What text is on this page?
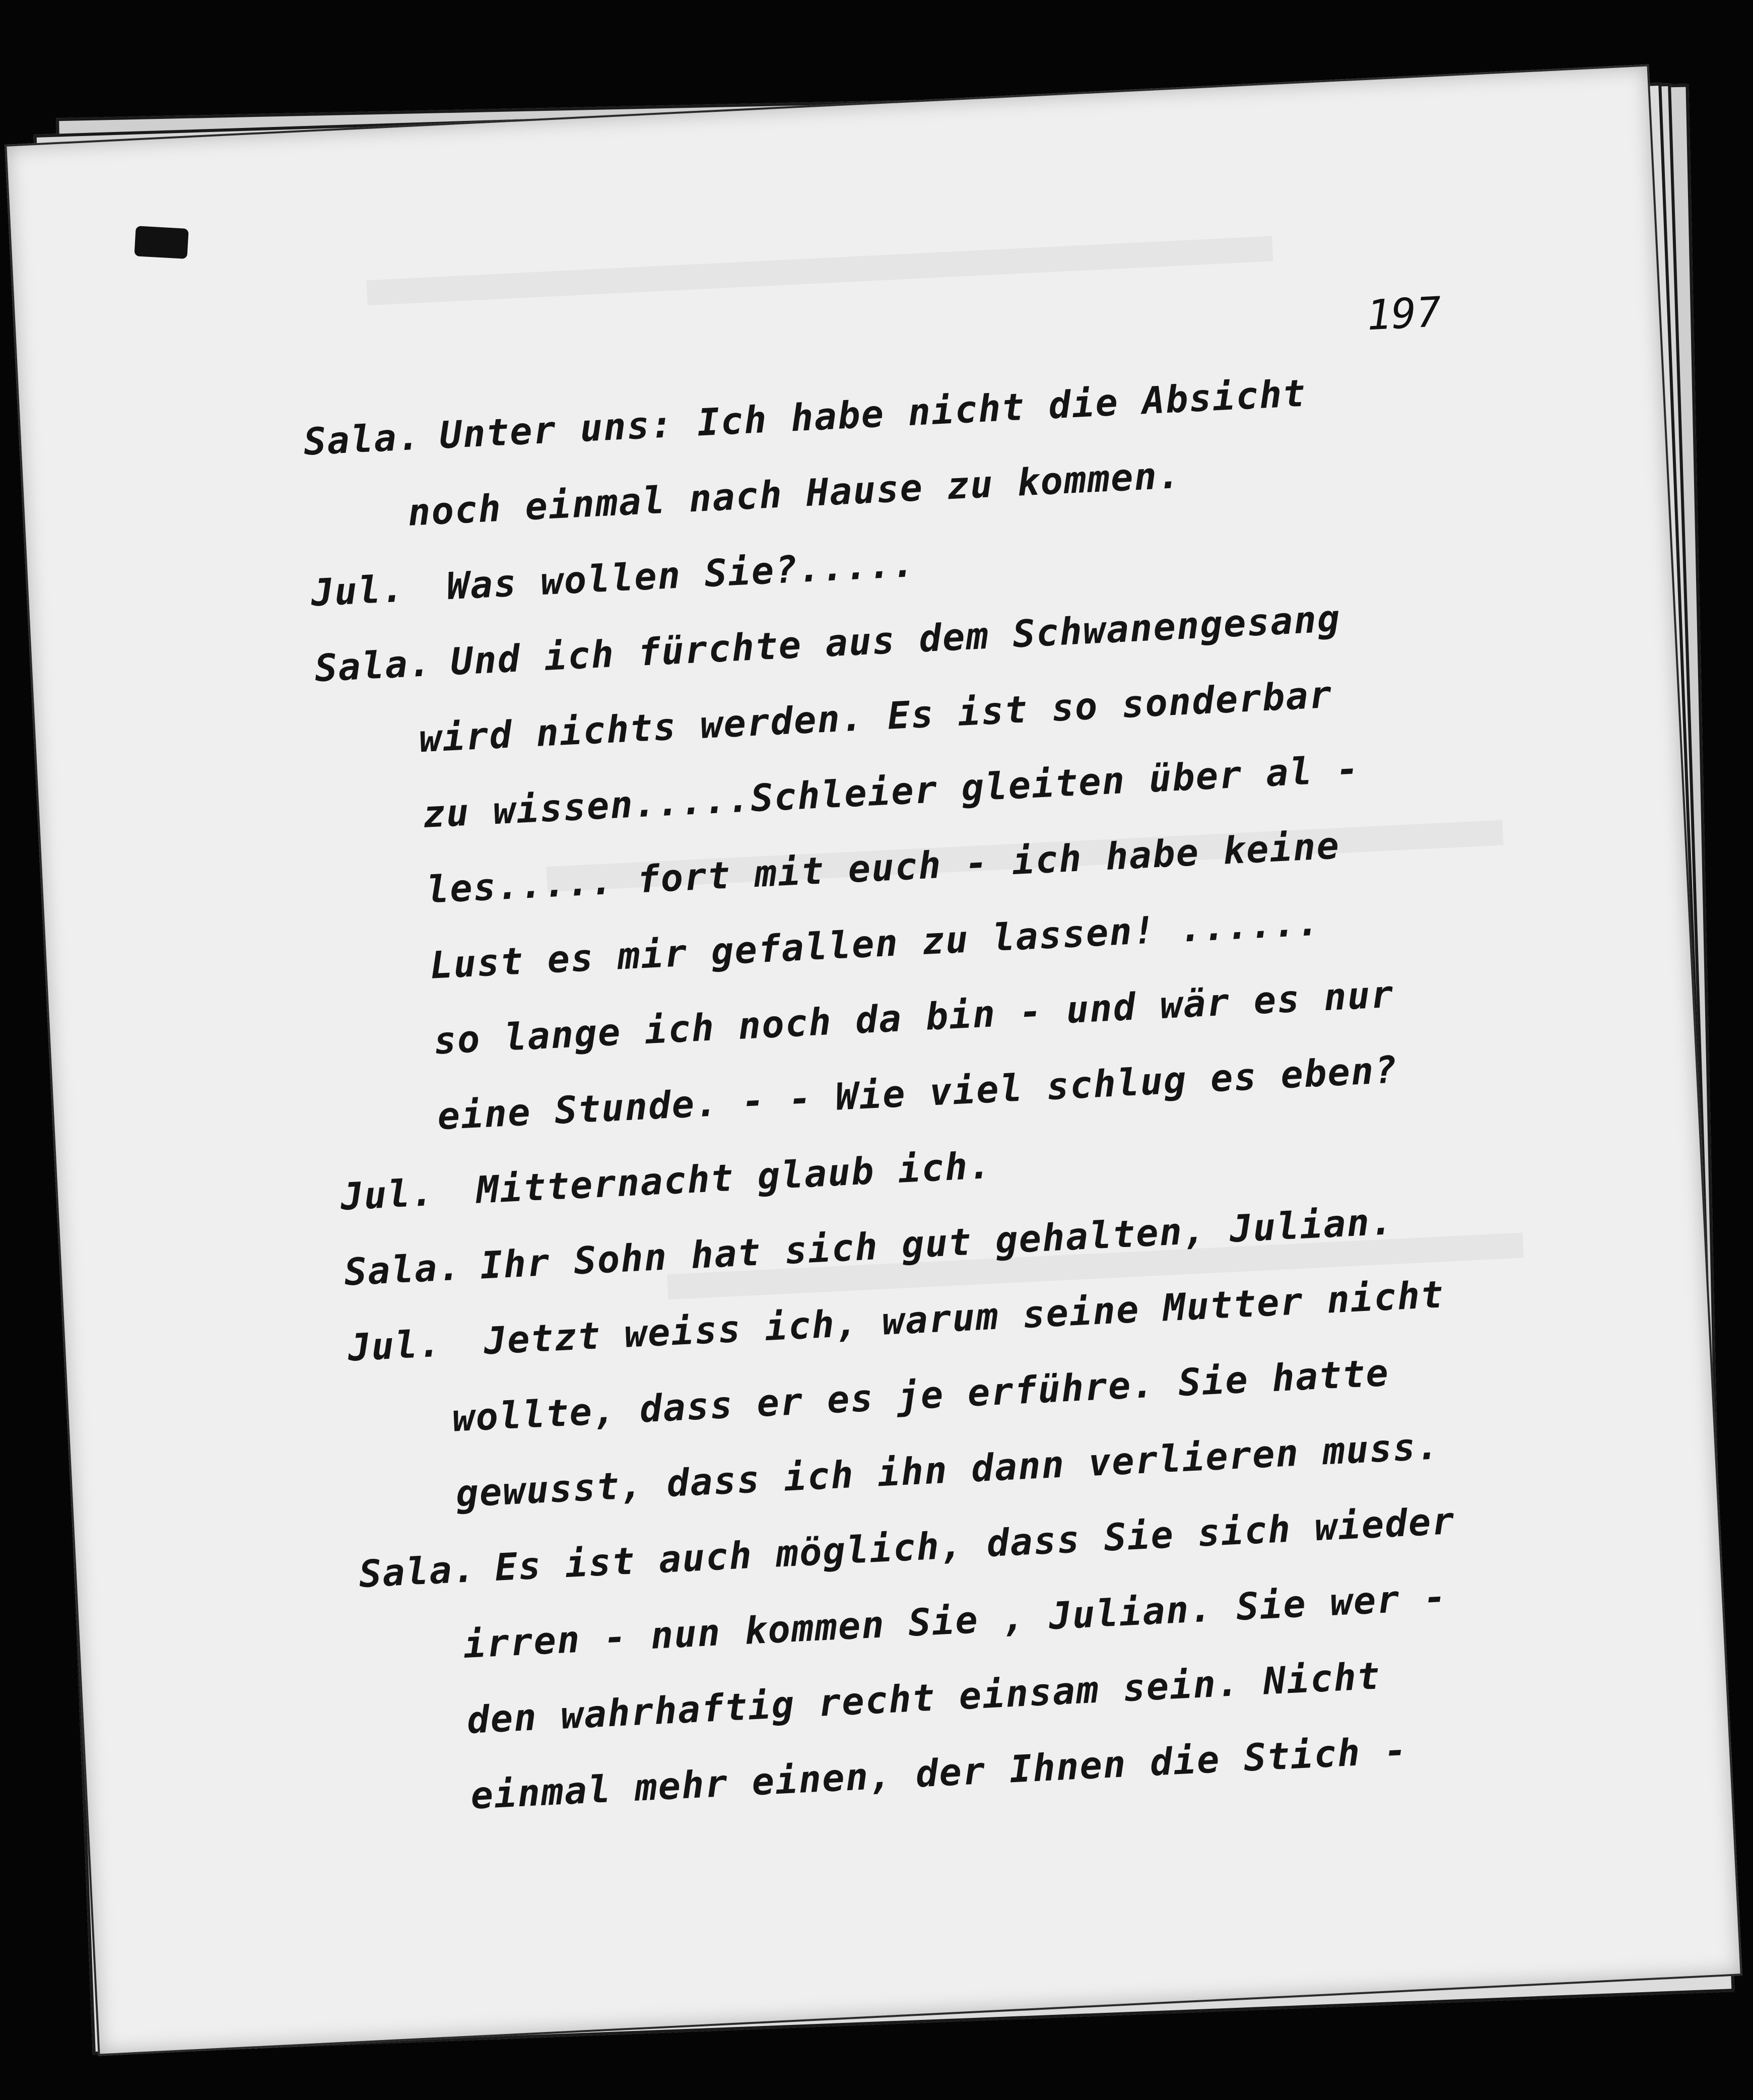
197
Sala. Unter uns: Ich habe nicht die Absicht
noch einmal nach Hause zu kommen.
Jul. Was wollen Sie?.....
Sala. Und ich fürchte aus dem Schwanengesang
wird nichts werden. Es ist so sonderbar
zu wissen.....Schleier gleiten über al -
les..... fort mit euch - ich habe keine
Lust es mir gefallen zu lassen! ......
so lange ich noch da bin - und wär es nur
eine Stunde. - - Wie viel schlug es eben?
Jul. Mitternacht glaub ich.
Sala. Ihr Sohn hat sich gut gehalten, Julian.
Jul. Jetzt weiss ich, warum seine Mutter nicht
wollte, dass er es je erführe. Sie hatte
gewusst, dass ich ihn dann verlieren muss.
Sala. Es ist auch möglich, dass Sie sich wieder
irren - nun kommen Sie , Julian. Sie wer -
den wahrhaftig recht einsam sein. Nicht
einmal mehr einen, der Ihnen die Stich -
